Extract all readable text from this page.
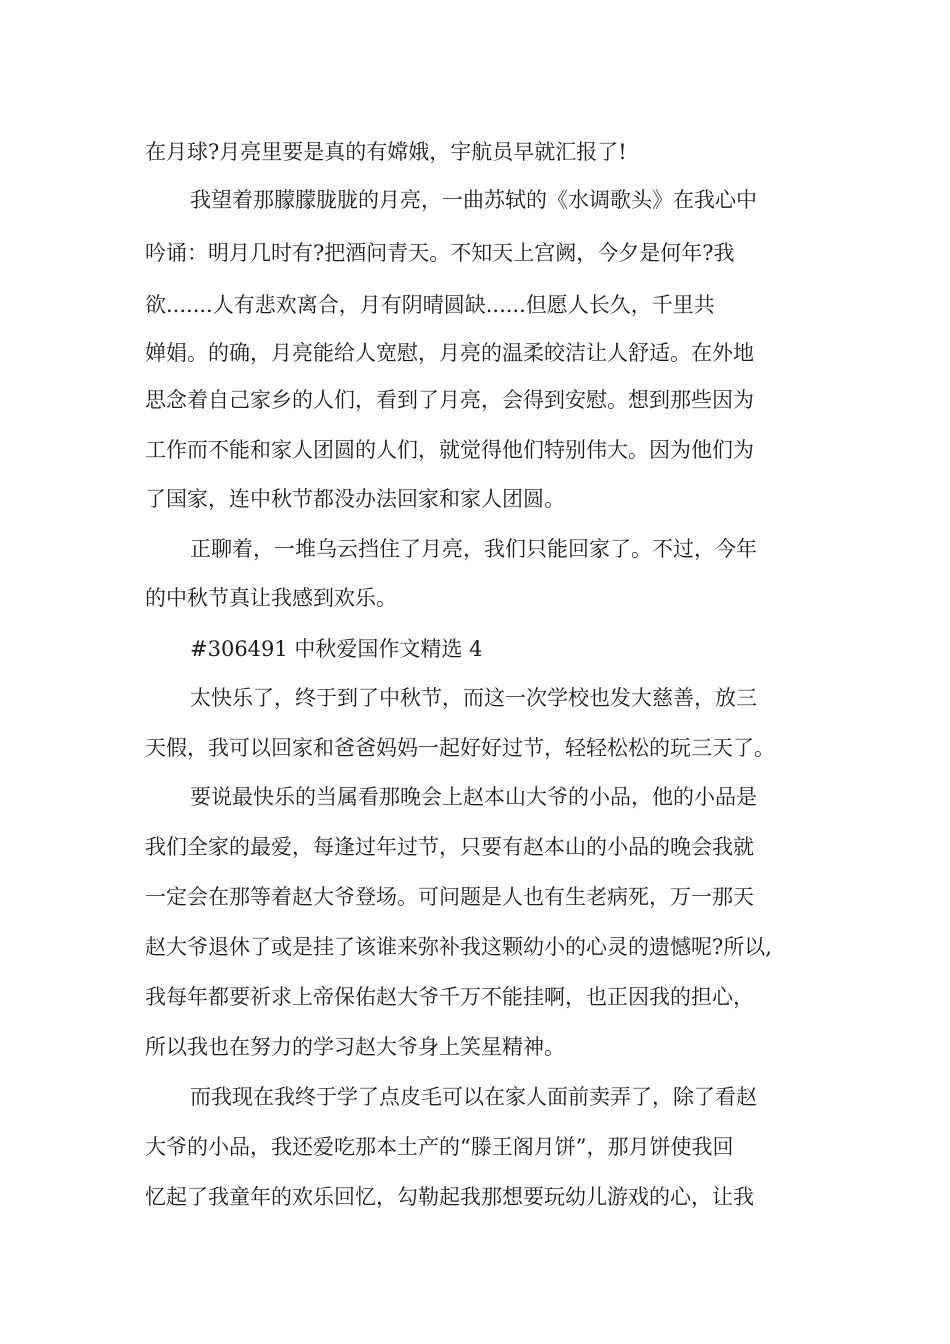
在月球?月亮里要是真的有嫦娥，宇航员早就汇报了!

我望着那朦朦胧胧的月亮，一曲苏轼的《水调歌头》在我心中

吟诵：明月几时有?把酒问青天。不知天上宫阙，今夕是何年?我

欲.......人有悲欢离合，月有阴晴圆缺......但愿人长久，千里共

婵娟。的确，月亮能给人宽慰，月亮的温柔皎洁让人舒适。在外地

思念着自己家乡的人们，看到了月亮，会得到安慰。想到那些因为

工作而不能和家人团圆的人们，就觉得他们特别伟大。因为他们为

了国家，连中秋节都没办法回家和家人团圆。

正聊着，一堆乌云挡住了月亮，我们只能回家了。不过，今年

的中秋节真让我感到欢乐。

#306491 中秋爱国作文精选 4

太快乐了，终于到了中秋节，而这一次学校也发大慈善，放三

天假，我可以回家和爸爸妈妈一起好好过节，轻轻松松的玩三天了。

要说最快乐的当属看那晚会上赵本山大爷的小品，他的小品是

我们全家的最爱，每逢过年过节，只要有赵本山的小品的晚会我就

一定会在那等着赵大爷登场。可问题是人也有生老病死，万一那天

赵大爷退休了或是挂了该谁来弥补我这颗幼小的心灵的遗憾呢?所以,

我每年都要祈求上帝保佑赵大爷千万不能挂啊，也正因我的担心，

所以我也在努力的学习赵大爷身上笑星精神。

而我现在我终于学了点皮毛可以在家人面前卖弄了，除了看赵

大爷的小品，我还爱吃那本土产的“滕王阁月饼”，那月饼使我回

忆起了我童年的欢乐回忆，勾勒起我那想要玩幼儿游戏的心，让我
